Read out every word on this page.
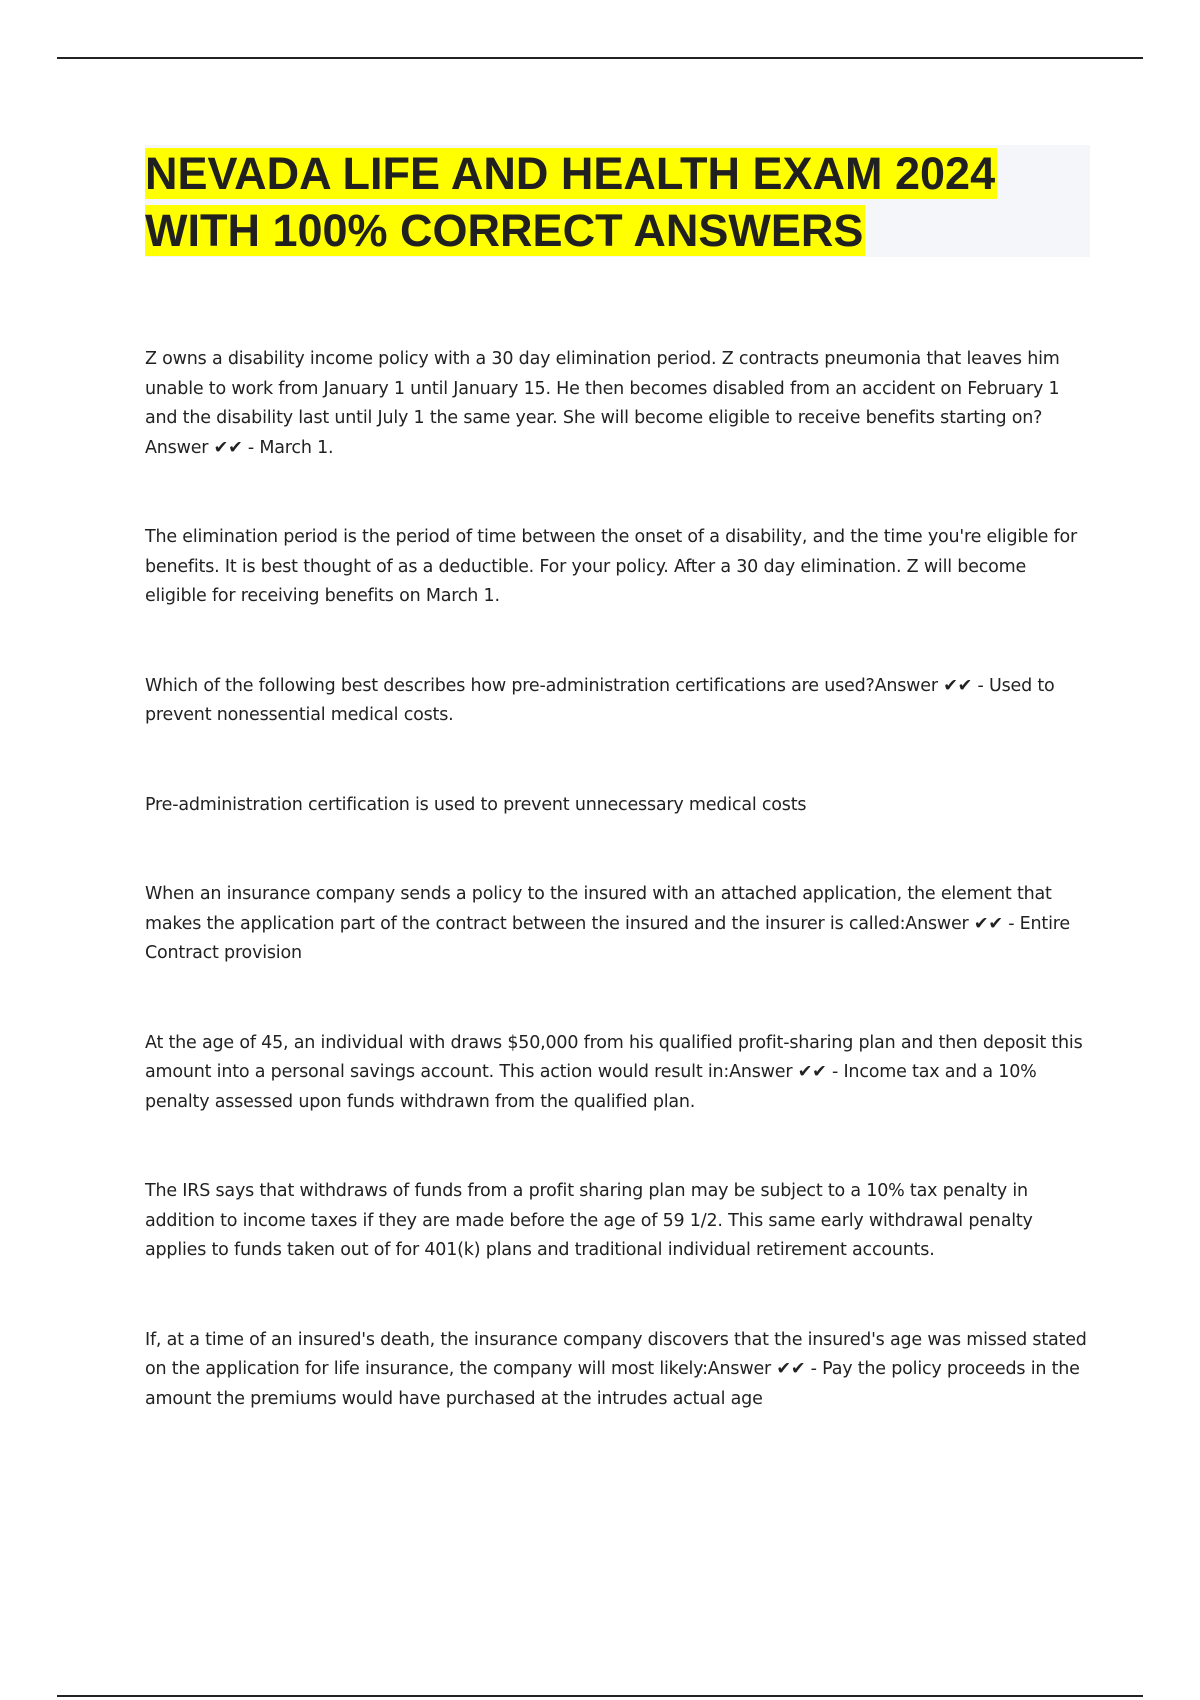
NEVADA LIFE AND HEALTH EXAM 2024 WITH 100% CORRECT ANSWERS

Z owns a disability income policy with a 30 day elimination period. Z contracts pneumonia that leaves him unable to work from January 1 until January 15. He then becomes disabled from an accident on February 1 and the disability last until July 1 the same year. She will become eligible to receive benefits starting on?Answer ✔✔ - March 1.

The elimination period is the period of time between the onset of a disability, and the time you're eligible for benefits. It is best thought of as a deductible. For your policy. After a 30 day elimination. Z will become eligible for receiving benefits on March 1.

Which of the following best describes how pre-administration certifications are used?Answer ✔✔ - Used to prevent nonessential medical costs.

Pre-administration certification is used to prevent unnecessary medical costs

When an insurance company sends a policy to the insured with an attached application, the element that makes the application part of the contract between the insured and the insurer is called:Answer ✔✔ - Entire Contract provision

At the age of 45, an individual with draws $50,000 from his qualified profit-sharing plan and then deposit this amount into a personal savings account. This action would result in:Answer ✔✔ - Income tax and a 10% penalty assessed upon funds withdrawn from the qualified plan.

The IRS says that withdraws of funds from a profit sharing plan may be subject to a 10% tax penalty in addition to income taxes if they are made before the age of 59 1/2. This same early withdrawal penalty applies to funds taken out of for 401(k) plans and traditional individual retirement accounts.

If, at a time of an insured's death, the insurance company discovers that the insured's age was missed stated on the application for life insurance, the company will most likely:Answer ✔✔ - Pay the policy proceeds in the amount the premiums would have purchased at the intrudes actual age
